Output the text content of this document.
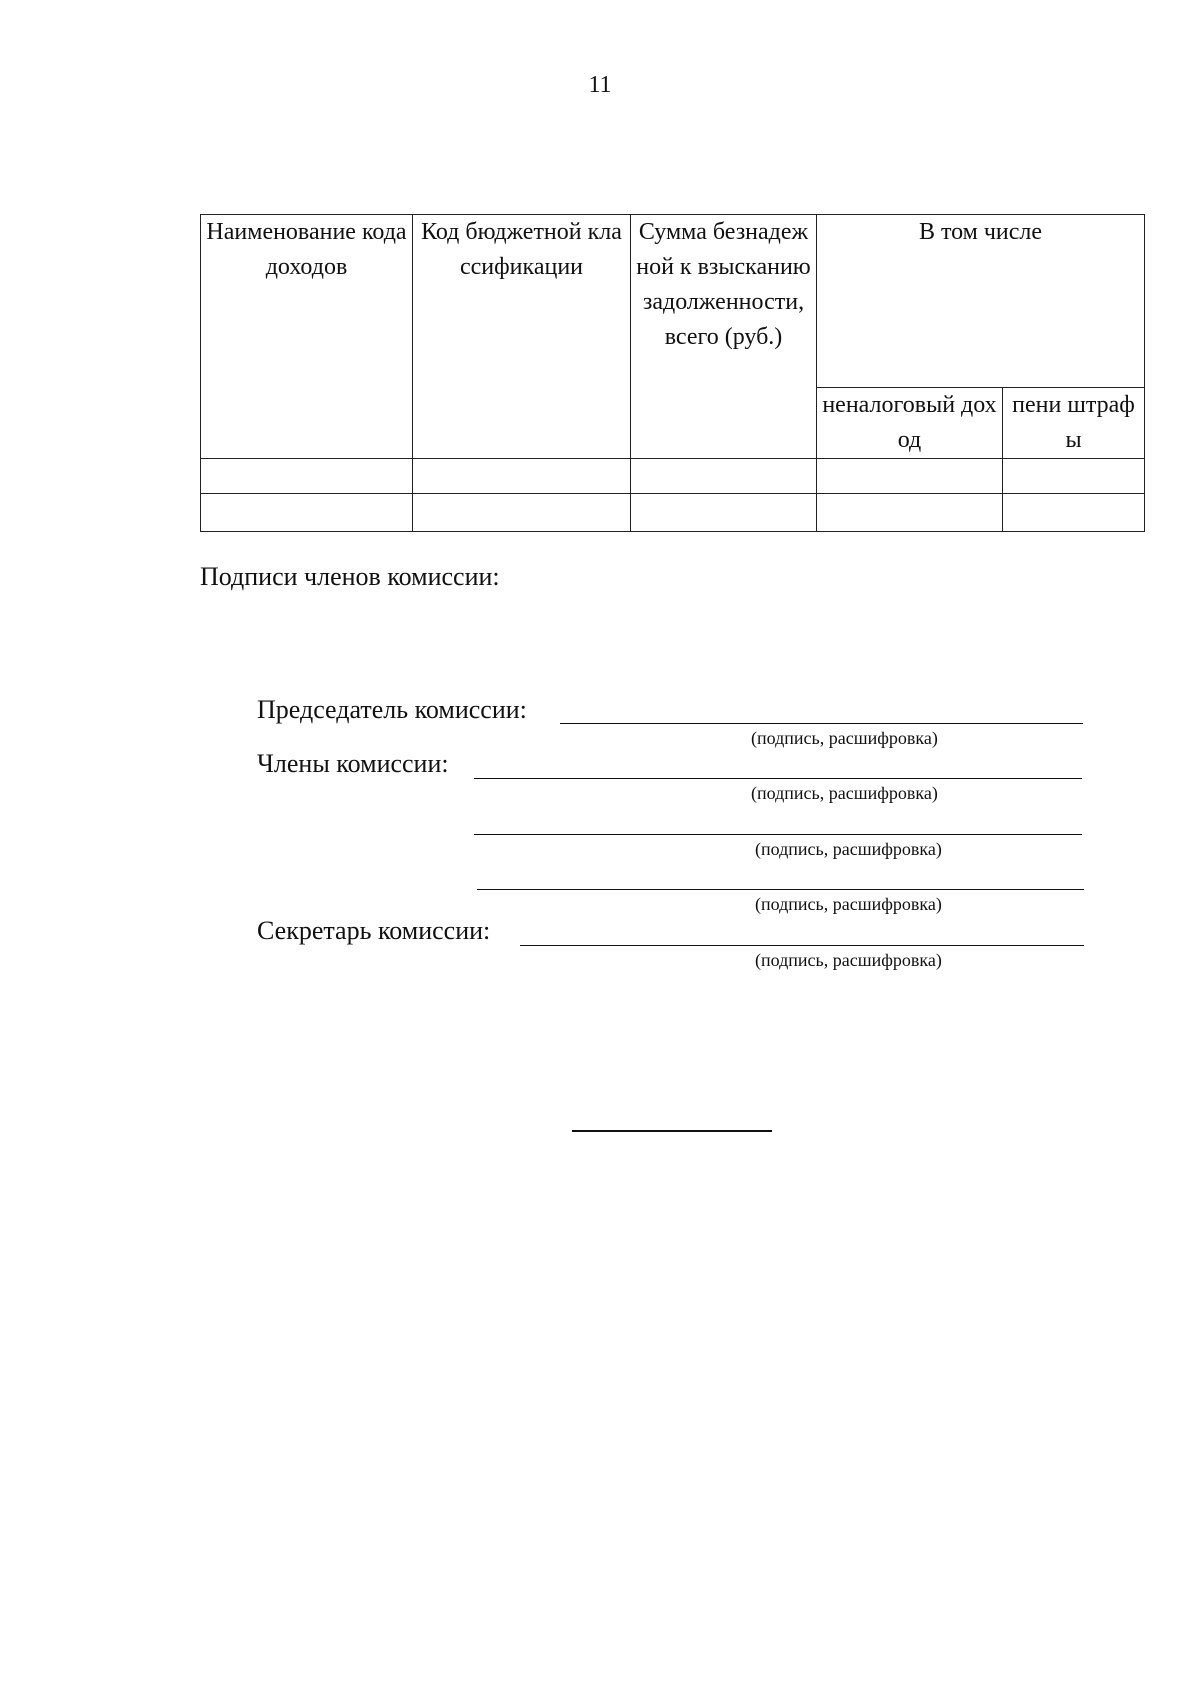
11
Наименование кода доходов	Код бюджетной классификации	Сумма безнадежной к взысканию задолженности, всего (руб.)	В том числе	
			неналоговый доход	пени штрафы

Подписи членов комиссии:
Председатель комиссии:
(подпись, расшифровка)
Члены комиссии:
(подпись, расшифровка)
(подпись, расшифровка)
(подпись, расшифровка)
Секретарь комиссии:
(подпись, расшифровка)
